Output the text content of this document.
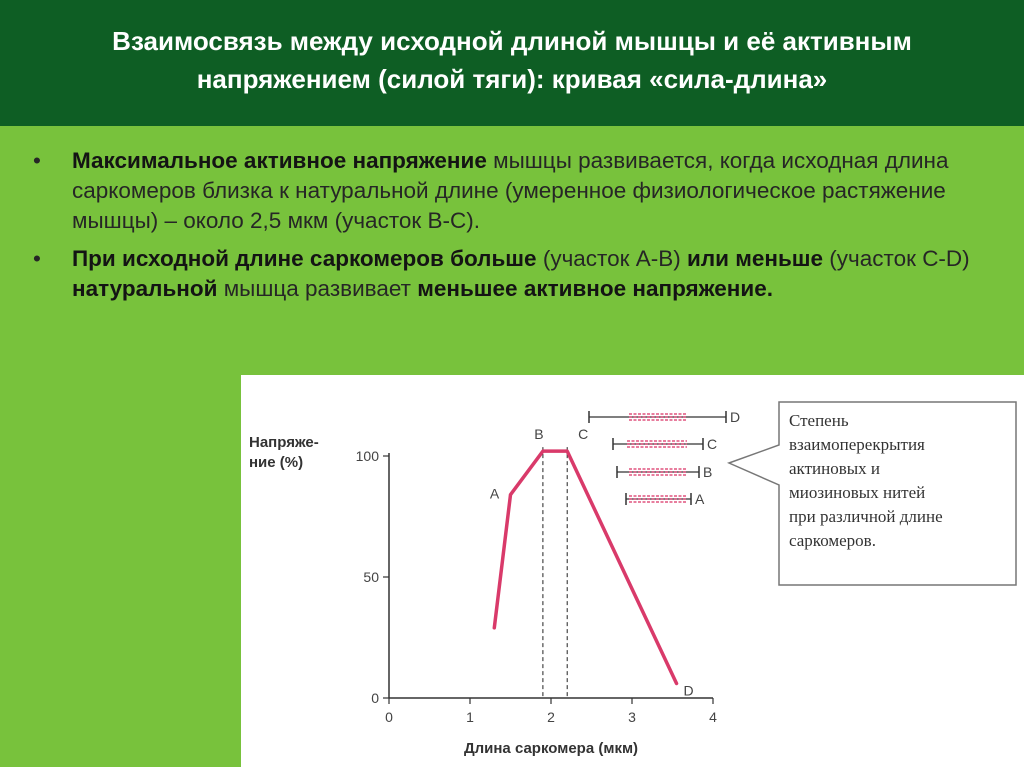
Взаимосвязь между исходной длиной мышцы и её активным
напряжением (силой тяги): кривая «сила-длина»
• Максимальное активное напряжение мышцы развивается, когда исходная длина саркомеров близка к натуральной длине (умеренное физиологическое растяжение мышцы) – около 2,5 мкм (участок B-C).
• При исходной длине саркомеров больше (участок А-В) или меньше (участок С-D) натуральной мышца развивает меньшее активное напряжение.
Напряже-
ние (%)
Длина саркомера (мкм)
0	1	2	3	4
0
50
100
A
B C
D
D
C
B
A
Степень
взаимоперекрытия
актиновых и
миозиновых нитей
при различной длине
саркомеров.
